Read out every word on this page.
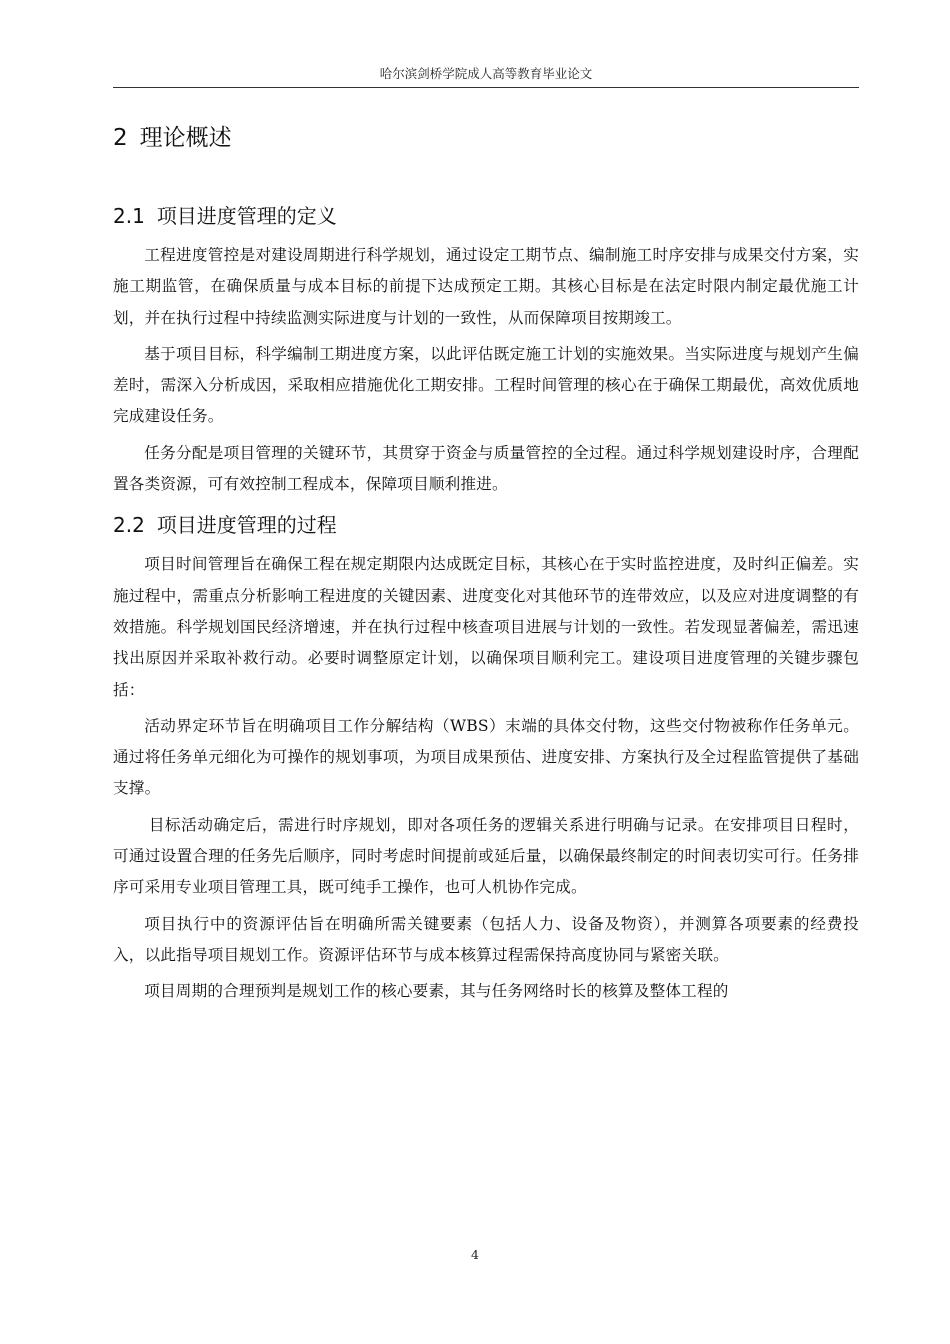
哈尔滨剑桥学院成人高等教育毕业论文
2 理论概述
2.1 项目进度管理的定义

工程进度管控是对建设周期进行科学规划，通过设定工期节点、编制施工时序安排与成果交付方案，实施工期监管，在确保质量与成本目标的前提下达成预定工期。其核心目标是在法定时限内制定最优施工计划，并在执行过程中持续监测实际进度与计划的一致性，从而保障项目按期竣工。

基于项目目标，科学编制工期进度方案，以此评估既定施工计划的实施效果。当实际进度与规划产生偏差时，需深入分析成因，采取相应措施优化工期安排。工程时间管理的核心在于确保工期最优，高效优质地完成建设任务。

任务分配是项目管理的关键环节，其贯穿于资金与质量管控的全过程。通过科学规划建设时序，合理配置各类资源，可有效控制工程成本，保障项目顺利推进。

2.2 项目进度管理的过程

项目时间管理旨在确保工程在规定期限内达成既定目标，其核心在于实时监控进度，及时纠正偏差。实施过程中，需重点分析影响工程进度的关键因素、进度变化对其他环节的连带效应，以及应对进度调整的有效措施。科学规划国民经济增速，并在执行过程中核查项目进展与计划的一致性。若发现显著偏差，需迅速找出原因并采取补救行动。必要时调整原定计划，以确保项目顺利完工。建设项目进度管理的关键步骤包括：

活动界定环节旨在明确项目工作分解结构（WBS）末端的具体交付物，这些交付物被称作任务单元。通过将任务单元细化为可操作的规划事项，为项目成果预估、进度安排、方案执行及全过程监管提供了基础支撑。

目标活动确定后，需进行时序规划，即对各项任务的逻辑关系进行明确与记录。在安排项目日程时，可通过设置合理的任务先后顺序，同时考虑时间提前或延后量，以确保最终制定的时间表切实可行。任务排序可采用专业项目管理工具，既可纯手工操作，也可人机协作完成。

项目执行中的资源评估旨在明确所需关键要素（包括人力、设备及物资），并测算各项要素的经费投入，以此指导项目规划工作。资源评估环节与成本核算过程需保持高度协同与紧密关联。

项目周期的合理预判是规划工作的核心要素，其与任务网络时长的核算及整体工程的

4
